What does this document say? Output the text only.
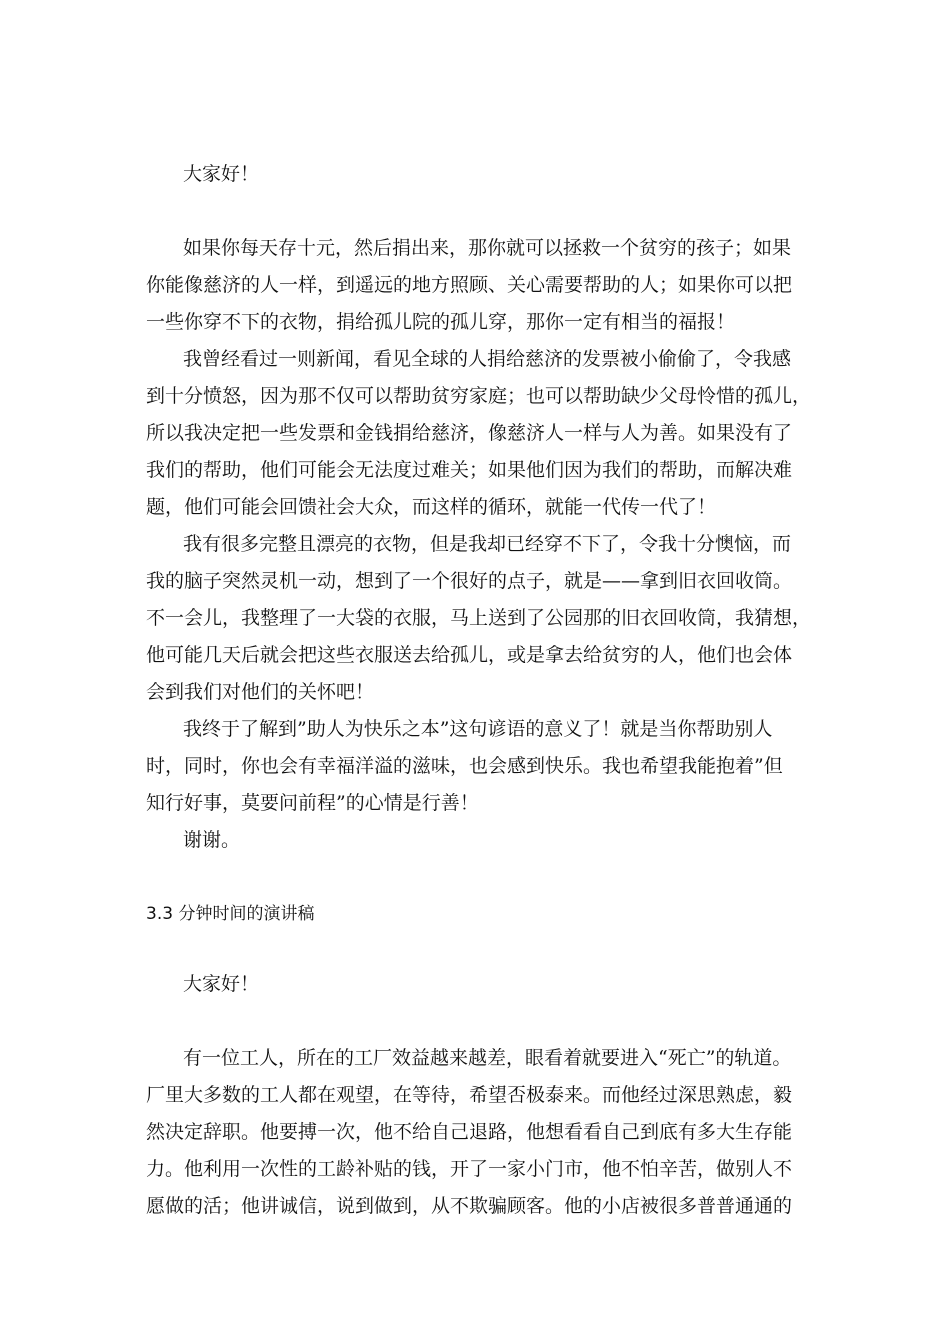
大家好！

如果你每天存十元，然后捐出来，那你就可以拯救一个贫穷的孩子；如果

你能像慈济的人一样，到遥远的地方照顾、关心需要帮助的人；如果你可以把

一些你穿不下的衣物，捐给孤儿院的孤儿穿，那你一定有相当的福报！

我曾经看过一则新闻，看见全球的人捐给慈济的发票被小偷偷了，令我感

到十分愤怒，因为那不仅可以帮助贫穷家庭；也可以帮助缺少父母怜惜的孤儿，

所以我决定把一些发票和金钱捐给慈济，像慈济人一样与人为善。如果没有了

我们的帮助，他们可能会无法度过难关；如果他们因为我们的帮助，而解决难

题，他们可能会回馈社会大众，而这样的循环，就能一代传一代了！

我有很多完整且漂亮的衣物，但是我却已经穿不下了，令我十分懊恼，而

我的脑子突然灵机一动，想到了一个很好的点子，就是——拿到旧衣回收筒。

不一会儿，我整理了一大袋的衣服，马上送到了公园那的旧衣回收筒，我猜想，

他可能几天后就会把这些衣服送去给孤儿，或是拿去给贫穷的人，他们也会体

会到我们对他们的关怀吧！

我终于了解到”助人为快乐之本”这句谚语的意义了！就是当你帮助别人

时，同时，你也会有幸福洋溢的滋味，也会感到快乐。我也希望我能抱着”但

知行好事，莫要问前程”的心情是行善！

谢谢。

3.3 分钟时间的演讲稿

大家好！

有一位工人，所在的工厂效益越来越差，眼看着就要进入“死亡”的轨道。

厂里大多数的工人都在观望，在等待，希望否极泰来。而他经过深思熟虑，毅

然决定辞职。他要搏一次，他不给自己退路，他想看看自己到底有多大生存能

力。他利用一次性的工龄补贴的钱，开了一家小门市，他不怕辛苦，做别人不

愿做的活；他讲诚信，说到做到，从不欺骗顾客。他的小店被很多普普通通的
